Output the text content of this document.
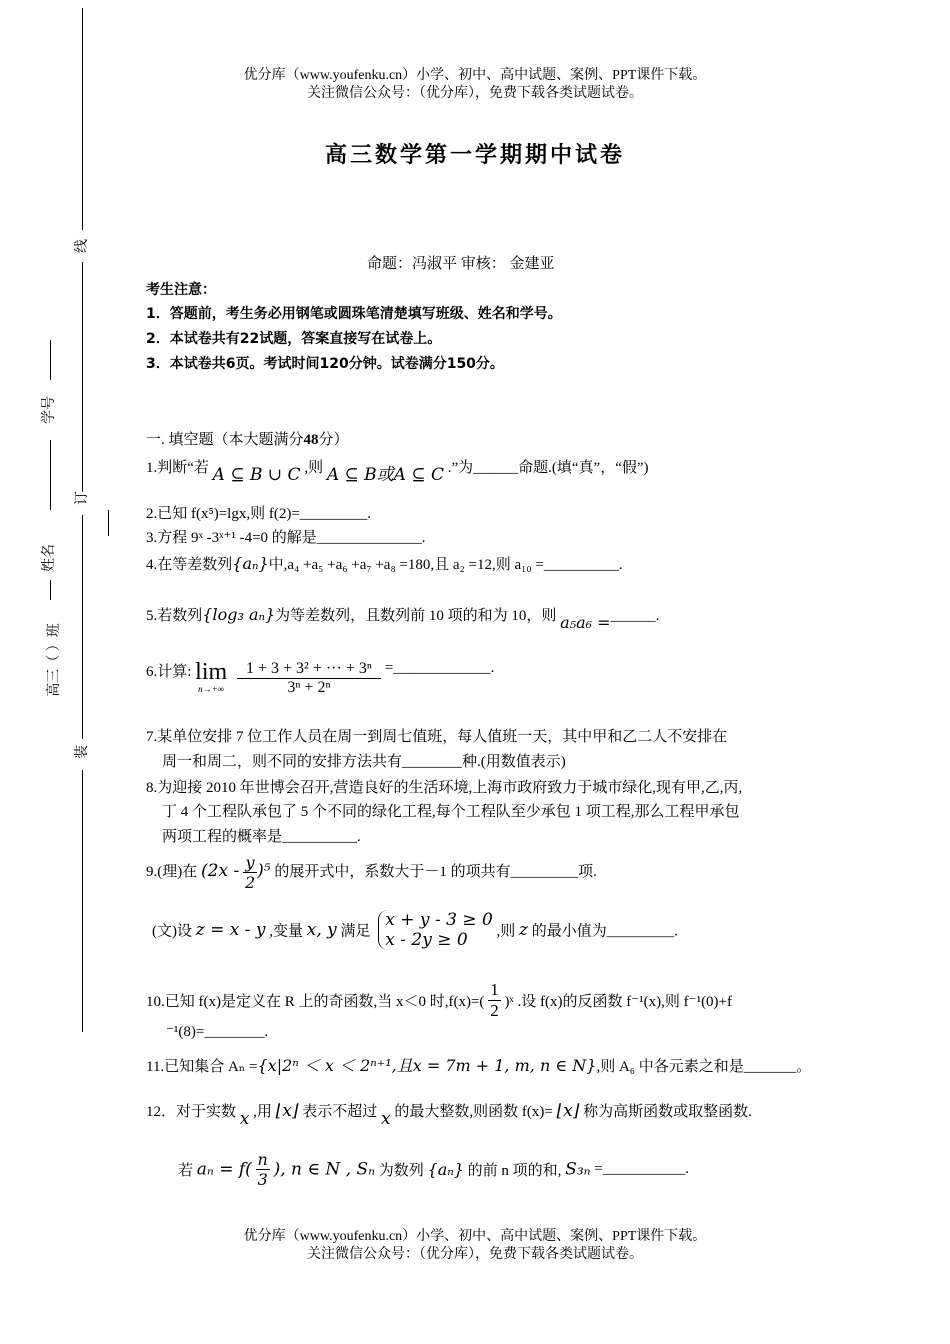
优分库（www.youfenku.cn）小学、初中、高中试题、案例、PPT课件下载。
关注微信公众号：（优分库），免费下载各类试题试卷。
线
订
装
学号
姓名
高三（ ）班
高三数学第一学期期中试卷
命题：冯淑平 审核： 金建亚
考生注意：
1．答题前，考生务必用钢笔或圆珠笔清楚填写班级、姓名和学号。
2．本试卷共有22试题，答案直接写在试卷上。
3．本试卷共6页。考试时间120分钟。试卷满分150分。
一. 填空题（本大题满分48分）
1.判断“若 A ⊆ B ∪ C ,则 A ⊆ B或A ⊆ C .”为______命题.(填“真”，“假”)
2.已知 f(x⁵)=lgx,则 f(2)=_________.
3.方程 9ˣ -3ˣ⁺¹ -4=0 的解是______________.
4.在等差数列{aₙ}中,a₄ +a₅ +a₆ +a₇ +a₈ =180,且 a₂ =12,则 a₁₀ =__________.
5.若数列{log₃ aₙ}为等差数列，且数列前 10 项的和为 10，则 a₅a₆ =______.
6.计算: lim
n→+∞
$\frac{\text{1 + 3 + 3² + ··· + 3ⁿ}}{\text{3ⁿ + 2ⁿ}}$ =_____________.
7.某单位安排 7 位工作人员在周一到周七值班，每人值班一天，其中甲和乙二人不安排在
周一和周二，则不同的安排方法共有________种.(用数值表示)
8.为迎接 2010 年世博会召开,营造良好的生活环境,上海市政府致力于城市绿化,现有甲,乙,丙,
丁 4 个工程队承包了 5 个不同的绿化工程,每个工程队至少承包 1 项工程,那么工程甲承包
两项工程的概率是__________.
9.(理)在 $(2x - \frac{y}{2} )^5$ 的展开式中，系数大于－1 的项共有_________项.
(文)设 z = x - y ,变量 x, y 满足
x + y - 3 ≥ 0
x - 2y ≥ 0	,则 z 的最小值为_________.
10.已知 f(x)是定义在 R 上的奇函数,当 x＜0 时$,f(x)=( \frac{1}{2}$ )ˣ .设 f(x)的反函数 f⁻¹(x),则 f⁻¹(0)+f
⁻¹(8)=________.
11.已知集合 Aₙ ={x|2ⁿ ＜ x ＜ 2ⁿ⁺¹,且x = 7m + 1, m, n ∈ N},则 A₆ 中各元素之和是_______。
12．对于实数 x ,用 ⌊x⌋ 表示不超过 x 的最大整数,则函数 f(x)= ⌊x⌋ 称为高斯函数或取整函数.
若 $a_n = f( \frac{n}{3}$ ), n ∈ N , Sₙ 为数列 {aₙ} 的前 n 项的和, S₃ₙ =___________.
优分库（www.youfenku.cn）小学、初中、高中试题、案例、PPT课件下载。
关注微信公众号：（优分库），免费下载各类试题试卷。
